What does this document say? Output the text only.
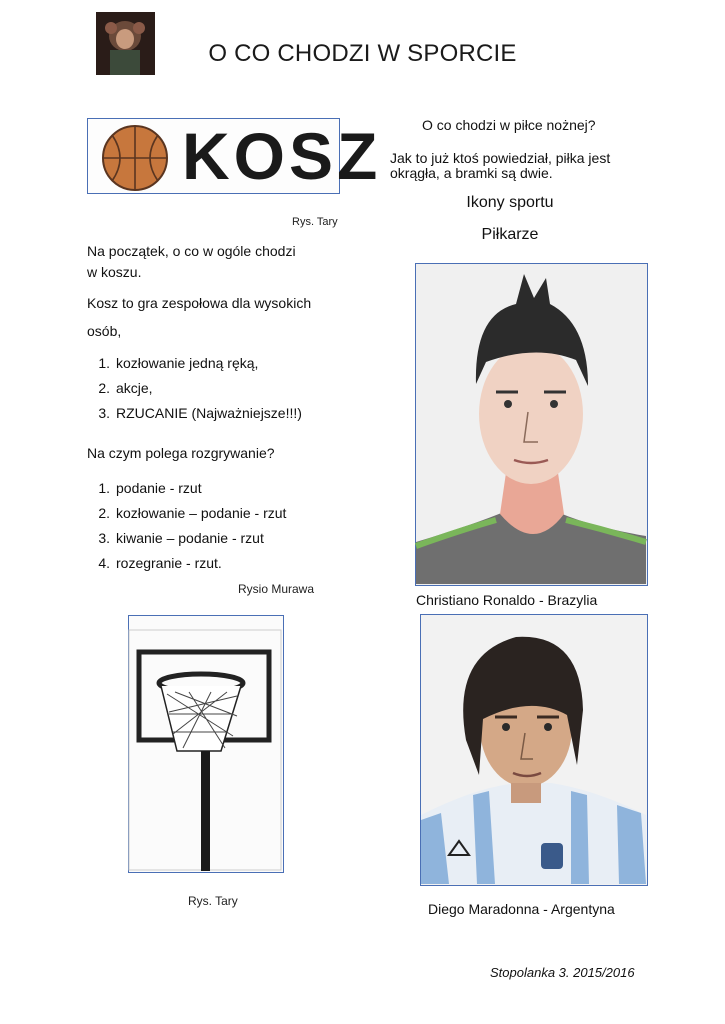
O CO CHODZI W SPORCIE
KOSZ
Rys. Tary
Na początek, o co w ogóle chodzi
w koszu.
Kosz to gra zespołowa dla wysokich
osób,
1. kozłowanie jedną ręką,
2. akcje,
3. RZUCANIE (Najważniejsze!!!)
Na czym polega rozgrywanie?
1. podanie - rzut
2. kozłowanie – podanie - rzut
3. kiwanie – podanie - rzut
4. rozegranie - rzut.
Rysio Murawa
Rys. Tary
O co chodzi w piłce nożnej?
Jak to już ktoś powiedział, piłka jest
okrągła, a bramki są dwie.
Ikony sportu
Piłkarze
Christiano Ronaldo - Brazylia
Diego Maradonna - Argentyna
Stopolanka 3. 2015/2016
